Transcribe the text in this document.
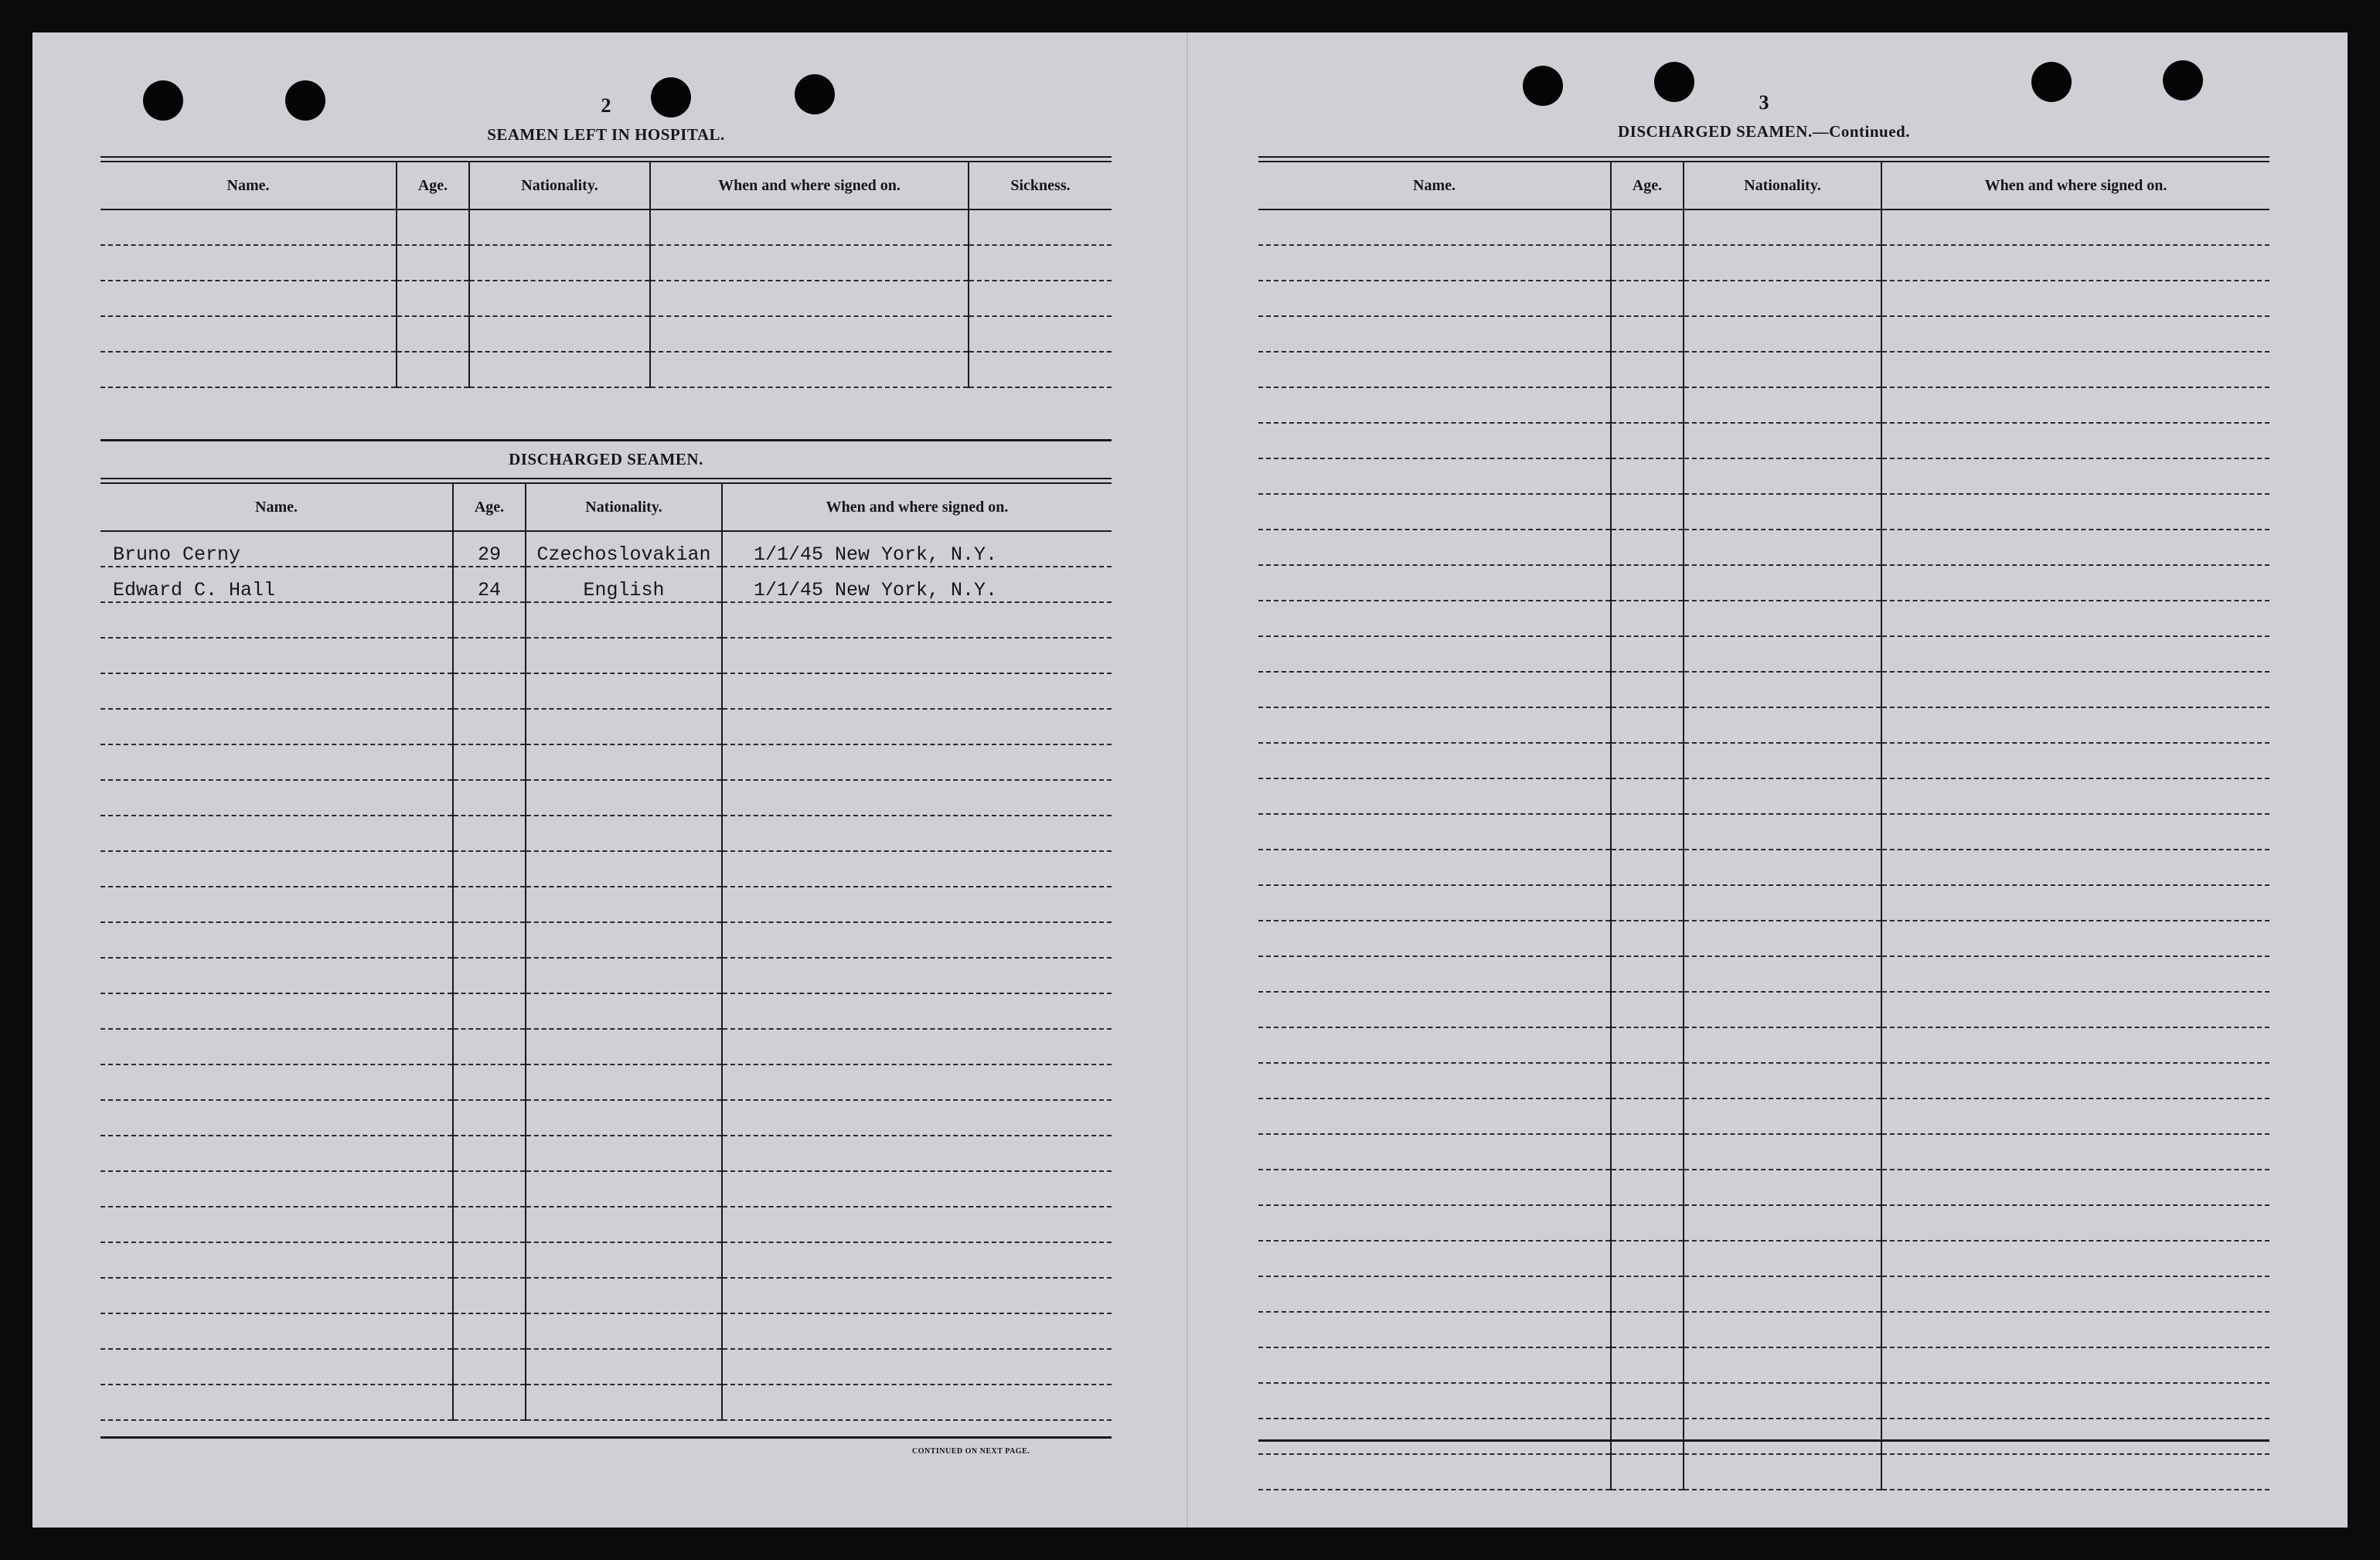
2
SEAMEN LEFT IN HOSPITAL.
Name.	Age.	Nationality.	When and where signed on.	Sickness.

DISCHARGED SEAMEN.
Name.	Age.	Nationality.	When and where signed on.
Bruno Cerny	29	Czechoslovakian	1/1/45 New York, N.Y.
Edward C. Hall	24	English	1/1/45 New York, N.Y.

CONTINUED ON NEXT PAGE.
3
DISCHARGED SEAMEN.—Continued.
Name.	Age.	Nationality.	When and where signed on.
